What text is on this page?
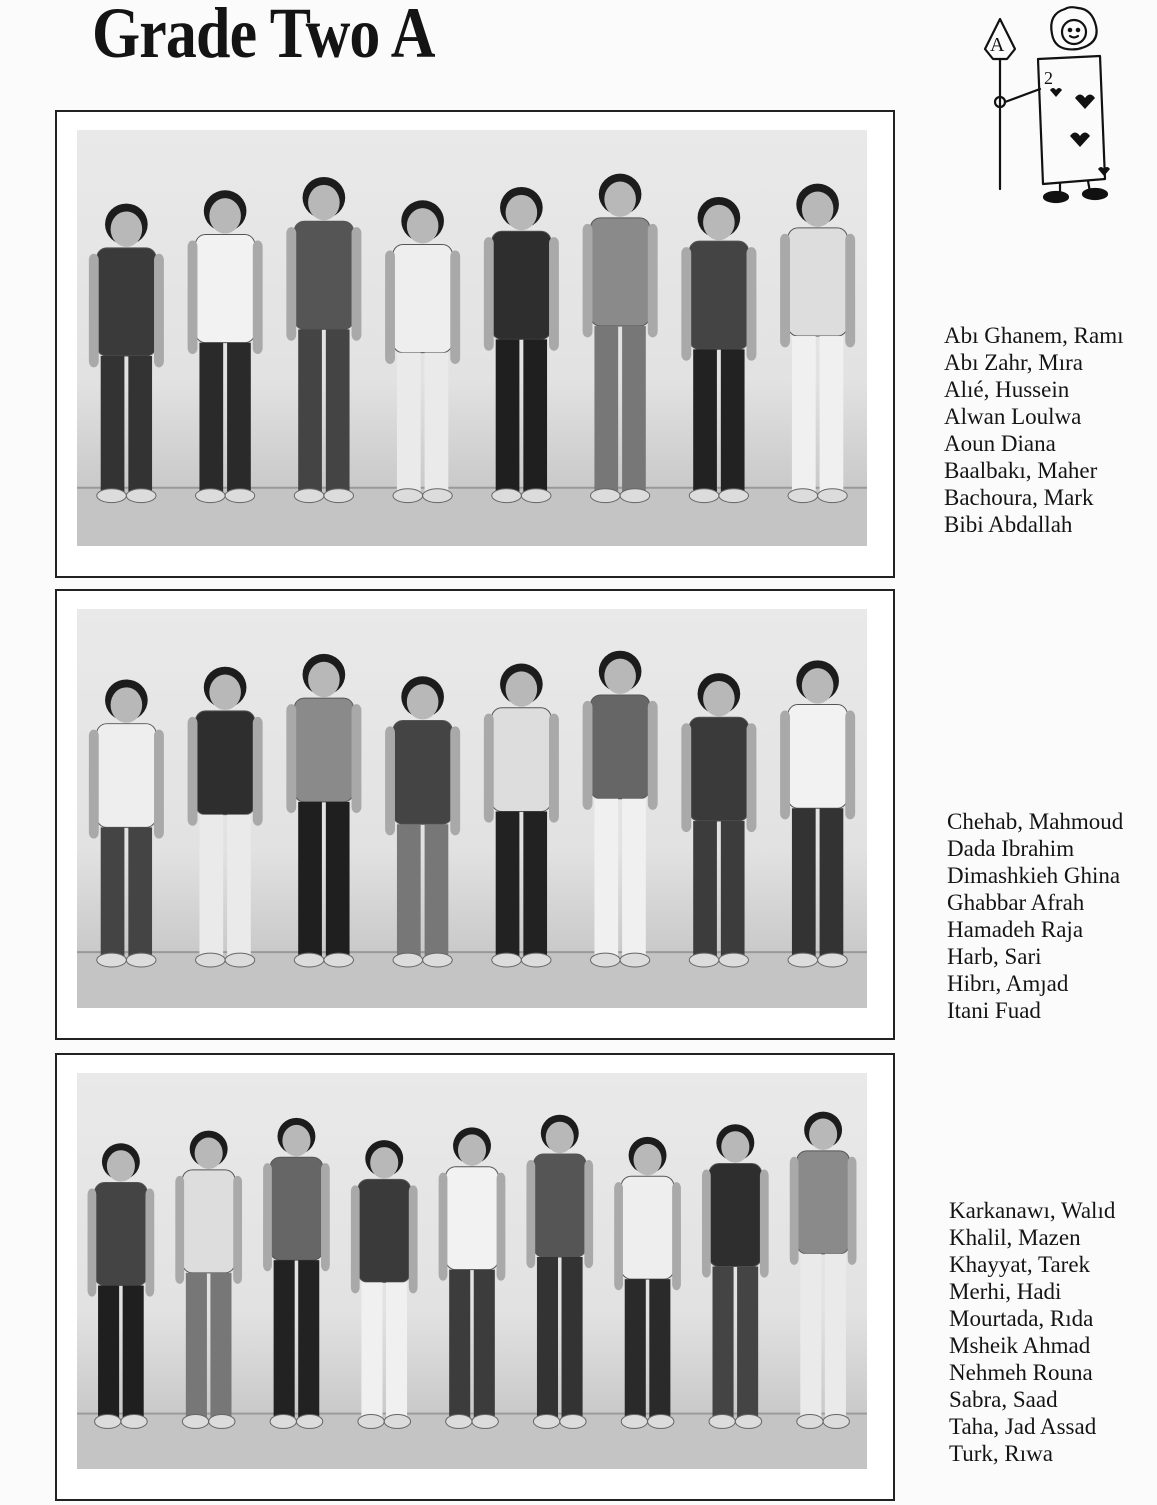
Grade Two A	A
2
Abı Ghanem, Ramı
Abı Zahr, Mıra
Alıé, Hussein
Alwan Loulwa
Aoun Diana
Baalbakı, Maher
Bachoura, Mark
Bibi Abdallah
Chehab, Mahmoud
Dada Ibrahim
Dimashkieh Ghina
Ghabbar Afrah
Hamadeh Raja
Harb, Sari
Hibrı, Amȷad
Itani Fuad
Karkanawı, Walıd
Khalil, Mazen
Khayyat, Tarek
Merhi, Hadi
Mourtada, Rıda
Msheik Ahmad
Nehmeh Rouna
Sabra, Saad
Taha, Jad Assad
Turk, Rıwa
